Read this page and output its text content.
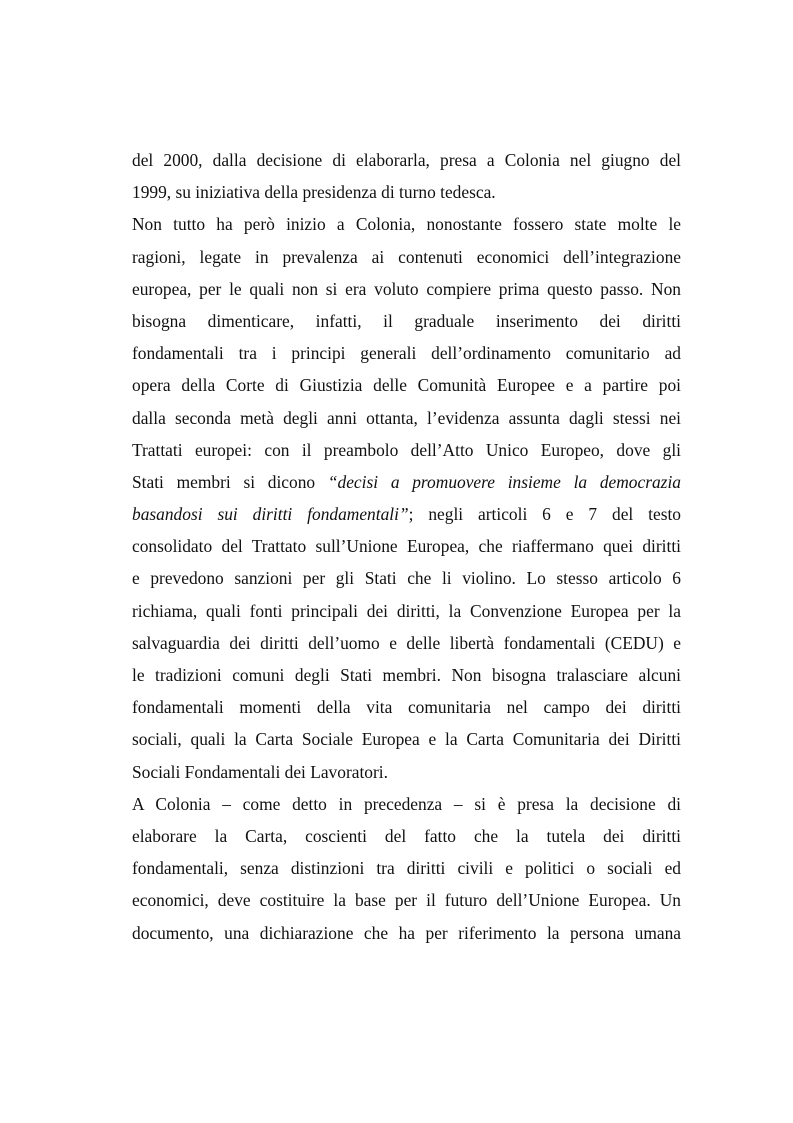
del 2000, dalla decisione di elaborarla, presa a Colonia nel giugno del
1999, su iniziativa della presidenza di turno tedesca.
Non tutto ha però inizio a Colonia, nonostante fossero state molte le
ragioni, legate in prevalenza ai contenuti economici dell’integrazione
europea, per le quali non si era voluto compiere prima questo passo. Non
bisogna dimenticare, infatti, il graduale inserimento dei diritti
fondamentali tra i principi generali dell’ordinamento comunitario ad
opera della Corte di Giustizia delle Comunità Europee e a partire poi
dalla seconda metà degli anni ottanta, l’evidenza assunta dagli stessi nei
Trattati europei: con il preambolo dell’Atto Unico Europeo, dove gli
Stati membri si dicono “decisi a promuovere insieme la democrazia
basandosi sui diritti fondamentali”; negli articoli 6 e 7 del testo
consolidato del Trattato sull’Unione Europea, che riaffermano quei diritti
e prevedono sanzioni per gli Stati che li violino. Lo stesso articolo 6
richiama, quali fonti principali dei diritti, la Convenzione Europea per la
salvaguardia dei diritti dell’uomo e delle libertà fondamentali (CEDU) e
le tradizioni comuni degli Stati membri. Non bisogna tralasciare alcuni
fondamentali momenti della vita comunitaria nel campo dei diritti
sociali, quali la Carta Sociale Europea e la Carta Comunitaria dei Diritti
Sociali Fondamentali dei Lavoratori.
A Colonia – come detto in precedenza – si è presa la decisione di
elaborare la Carta, coscienti del fatto che la tutela dei diritti
fondamentali, senza distinzioni tra diritti civili e politici o sociali ed
economici, deve costituire la base per il futuro dell’Unione Europea. Un
documento, una dichiarazione che ha per riferimento la persona umana
